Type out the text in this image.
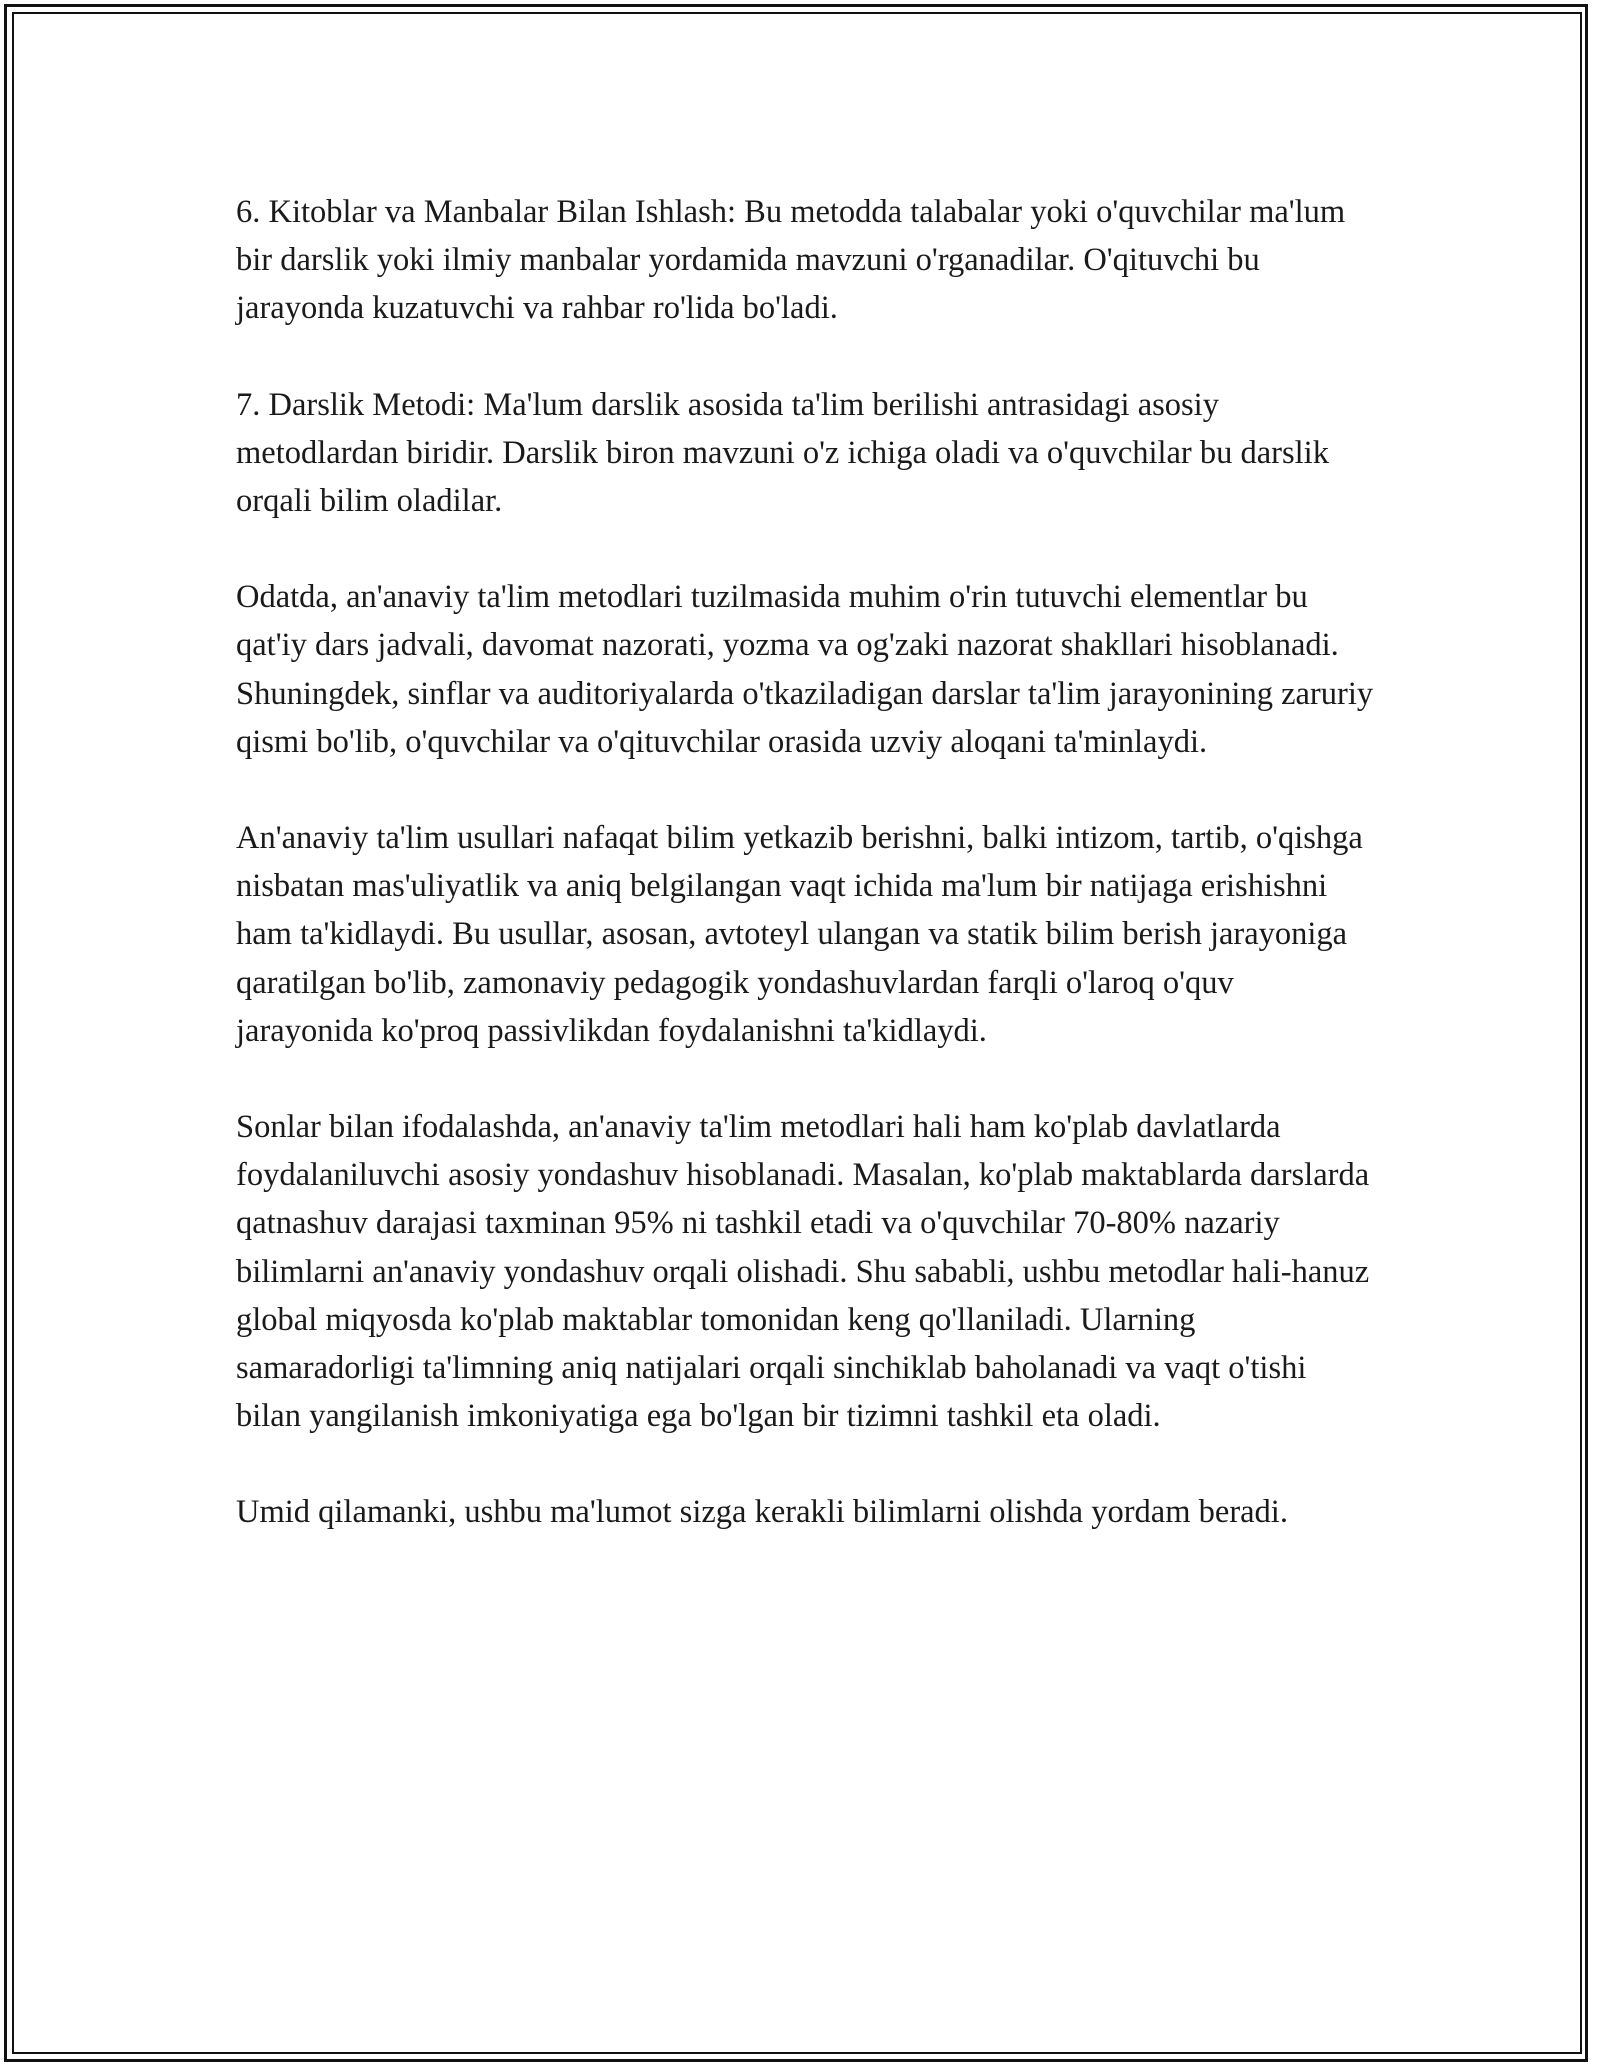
6. Kitoblar va Manbalar Bilan Ishlash: Bu metodda talabalar yoki o'quvchilar ma'lum bir darslik yoki ilmiy manbalar yordamida mavzuni o'rganadilar. O'qituvchi bu jarayonda kuzatuvchi va rahbar ro'lida bo'ladi.

7. Darslik Metodi: Ma'lum darslik asosida ta'lim berilishi antrasidagi asosiy metodlardan biridir. Darslik biron mavzuni o'z ichiga oladi va o'quvchilar bu darslik orqali bilim oladilar.

Odatda, an'anaviy ta'lim metodlari tuzilmasida muhim o'rin tutuvchi elementlar bu qat'iy dars jadvali, davomat nazorati, yozma va og'zaki nazorat shakllari hisoblanadi. Shuningdek, sinflar va auditoriyalarda o'tkaziladigan darslar ta'lim jarayonining zaruriy qismi bo'lib, o'quvchilar va o'qituvchilar orasida uzviy aloqani ta'minlaydi.

An'anaviy ta'lim usullari nafaqat bilim yetkazib berishni, balki intizom, tartib, o'qishga nisbatan mas'uliyatlik va aniq belgilangan vaqt ichida ma'lum bir natijaga erishishni ham ta'kidlaydi. Bu usullar, asosan, avtoteyl ulangan va statik bilim berish jarayoniga qaratilgan bo'lib, zamonaviy pedagogik yondashuvlardan farqli o'laroq o'quv jarayonida ko'proq passivlikdan foydalanishni ta'kidlaydi.

Sonlar bilan ifodalashda, an'anaviy ta'lim metodlari hali ham ko'plab davlatlarda foydalaniluvchi asosiy yondashuv hisoblanadi. Masalan, ko'plab maktablarda darslarda qatnashuv darajasi taxminan 95% ni tashkil etadi va o'quvchilar 70-80% nazariy bilimlarni an'anaviy yondashuv orqali olishadi. Shu sababli, ushbu metodlar hali-hanuz global miqyosda ko'plab maktablar tomonidan keng qo'llaniladi. Ularning samaradorligi ta'limning aniq natijalari orqali sinchiklab baholanadi va vaqt o'tishi bilan yangilanish imkoniyatiga ega bo'lgan bir tizimni tashkil eta oladi.

Umid qilamanki, ushbu ma'lumot sizga kerakli bilimlarni olishda yordam beradi.
